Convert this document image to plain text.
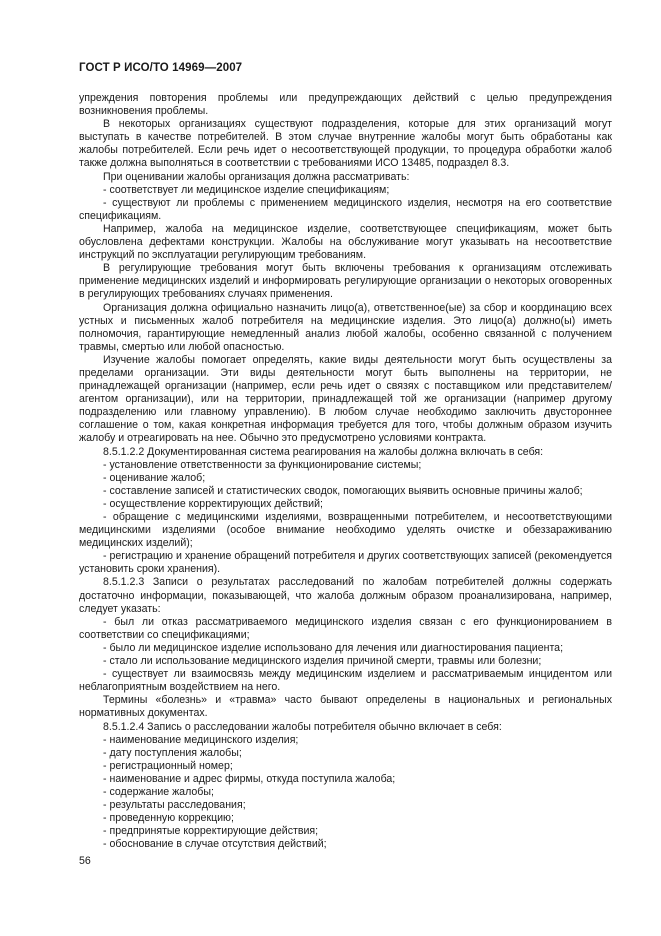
ГОСТ Р ИСО/ТО 14969—2007

упреждения повторения проблемы или предупреждающих действий с целью предупреждения возникновения проблемы.

В некоторых организациях существуют подразделения, которые для этих организаций могут выступать в качестве потребителей. В этом случае внутренние жалобы могут быть обработаны как жалобы потребителей. Если речь идет о несоответствующей продукции, то процедура обработки жалоб также должна выполняться в соответствии с требованиями ИСО 13485, подраздел 8.3.

При оценивании жалобы организация должна рассматривать:

- соответствует ли медицинское изделие спецификациям;

- существуют ли проблемы с применением медицинского изделия, несмотря на его соответствие спецификациям.

Например, жалоба на медицинское изделие, соответствующее спецификациям, может быть обусловлена дефектами конструкции. Жалобы на обслуживание могут указывать на несоответствие инструкций по эксплуатации регулирующим требованиям.

В регулирующие требования могут быть включены требования к организациям отслеживать применение медицинских изделий и информировать регулирующие организации о некоторых оговоренных в регулирующих требованиях случаях применения.

Организация должна официально назначить лицо(а), ответственное(ые) за сбор и координацию всех устных и письменных жалоб потребителя на медицинские изделия. Это лицо(а) должно(ы) иметь полномочия, гарантирующие немедленный анализ любой жалобы, особенно связанной с получением травмы, смертью или любой опасностью.

Изучение жалобы помогает определять, какие виды деятельности могут быть осуществлены за пределами организации. Эти виды деятельности могут быть выполнены на территории, не принадлежащей организации (например, если речь идет о связях с поставщиком или представителем/агентом организации), или на территории, принадлежащей той же организации (например другому подразделению или главному управлению). В любом случае необходимо заключить двустороннее соглашение о том, какая конкретная информация требуется для того, чтобы должным образом изучить жалобу и отреагировать на нее. Обычно это предусмотрено условиями контракта.

8.5.1.2.2 Документированная система реагирования на жалобы должна включать в себя:

- установление ответственности за функционирование системы;

- оценивание жалоб;

- составление записей и статистических сводок, помогающих выявить основные причины жалоб;

- осуществление корректирующих действий;

- обращение с медицинскими изделиями, возвращенными потребителем, и несоответствующими медицинскими изделиями (особое внимание необходимо уделять очистке и обеззараживанию медицинских изделий);

- регистрацию и хранение обращений потребителя и других соответствующих записей (рекомендуется установить сроки хранения).

8.5.1.2.3 Записи о результатах расследований по жалобам потребителей должны содержать достаточно информации, показывающей, что жалоба должным образом проанализирована, например, следует указать:

- был ли отказ рассматриваемого медицинского изделия связан с его функционированием в соответствии со спецификациями;

- было ли медицинское изделие использовано для лечения или диагностирования пациента;

- стало ли использование медицинского изделия причиной смерти, травмы или болезни;

- существует ли взаимосвязь между медицинским изделием и рассматриваемым инцидентом или неблагоприятным воздействием на него.

Термины «болезнь» и «травма» часто бывают определены в национальных и региональных нормативных документах.

8.5.1.2.4 Запись о расследовании жалобы потребителя обычно включает в себя:

- наименование медицинского изделия;

- дату поступления жалобы;

- регистрационный номер;

- наименование и адрес фирмы, откуда поступила жалоба;

- содержание жалобы;

- результаты расследования;

- проведенную коррекцию;

- предпринятые корректирующие действия;

- обоснование в случае отсутствия действий;

56
